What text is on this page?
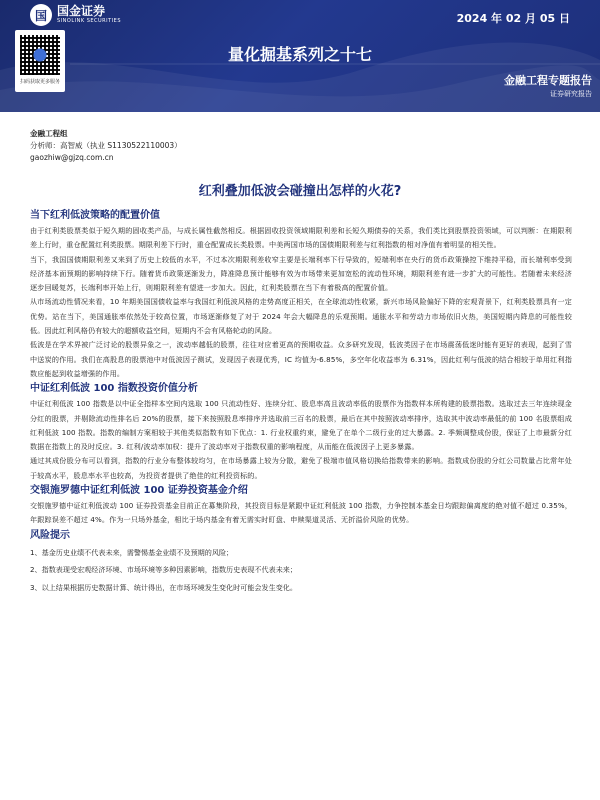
国 国金证券
SINOLINK SECURITIES
扫码获取更多服务
2024 年 02 月 05 日
量化掘基系列之十七
金融工程专题报告
证券研究报告
金融工程组
分析师：高智威（执业 S1130522110003）
gaozhiw@gjzq.com.cn
红利叠加低波会碰撞出怎样的火花?
当下红利低波策略的配置价值

由于红利类股票类似于短久期的固收类产品，与成长属性截然相反。根据固收投资领域期限利差和长短久期债券的关系，我们类比到股票投资领域，可以判断：在期限利差上行时，重仓配置红利类股票。期限利差下行时，重仓配置成长类股票。中美两国市场的国债期限利差与红利指数的相对净值有着明显的相关性。

当下，我国国债期限利差又来到了历史上较低的水平，不过本次期限利差收窄主要是长端利率下行导致的，短端利率在央行的货币政策操控下维持平稳，而长端利率受到经济基本面预期的影响持续下行。随着货币政策逐渐发力，降准降息预计能够有效为市场带来更加宽松的流动性环境，期限利差有进一步扩大的可能性。若随着未来经济逐步回暖复苏，长端利率开始上行，则期限利差有望进一步加大。因此，红利类股票在当下有着极高的配置价值。

从市场流动性情况来看，10 年期美国国债收益率与我国红利低波风格的走势高度正相关，在全球流动性收紧，新兴市场风险偏好下降的宏观背景下，红利类股票具有一定优势。站在当下，美国通胀率依然处于较高位置，市场逐渐修复了对于 2024 年会大幅降息的乐观预期。通胀水平和劳动力市场依旧火热，美国短期内降息的可能性较低。因此红利风格仍有较大的超额收益空间，短期内不会有风格轮动的风险。

低波是在学术界被广泛讨论的股票异象之一，波动率越低的股票，往往对应着更高的预期收益。众多研究发现，低波类因子在市场震荡低迷时能有更好的表现，起到了雪中送炭的作用。我们在高股息的股票池中对低波因子测试，发现因子表现优秀，IC 均值为-6.85%，多空年化收益率为 6.31%，因此红利与低波的结合相较于单用红利指数应能起到收益增强的作用。

中证红利低波 100 指数投资价值分析

中证红利低波 100 指数是以中证全指样本空间内选取 100 只流动性好、连续分红、股息率高且波动率低的股票作为指数样本所构建的股票指数。选取过去三年连续现金分红的股票，并剔除流动性排名后 20%的股票，接下来按照股息率排序并选取前三百名的股票，最后在其中按照波动率排序，选取其中波动率最低的前 100 名股票组成红利低波 100 指数。指数的编制方案相较于其他类似指数有如下优点：1. 行业权重约束，避免了在单个二级行业的过大暴露。2. 季频调整成份股，保证了上市最新分红数据在指数上的及时反应。3. 红利/波动率加权：提升了波动率对于指数权重的影响程度，从而能在低波因子上更多暴露。

通过其成份股分布可以看到，指数的行业分布整体较均匀，在市场暴露上较为分散，避免了极端市值风格切换给指数带来的影响。指数成份股的分红公司数量占比常年处于较高水平，股息率水平也较高，为投资者提供了绝佳的红利投资标的。

交银施罗德中证红利低波 100 证券投资基金介绍

交银施罗德中证红利低波动 100 证券投资基金目前正在募集阶段，其投资目标是紧跟中证红利低波 100 指数，力争控制本基金日均跟踪偏离度的绝对值不超过 0.35%，年跟踪误差不超过 4%。作为一只场外基金，相比于场内基金有着无需实时盯盘、申赎渠道灵活、无折溢价风险的优势。

风险提示

1、基金历史业绩不代表未来，需警惕基金业绩不及预期的风险；

2、指数表现受宏观经济环境、市场环境等多种因素影响，指数历史表现不代表未来；

3、以上结果根据历史数据计算、统计得出，在市场环境发生变化时可能会发生变化。
